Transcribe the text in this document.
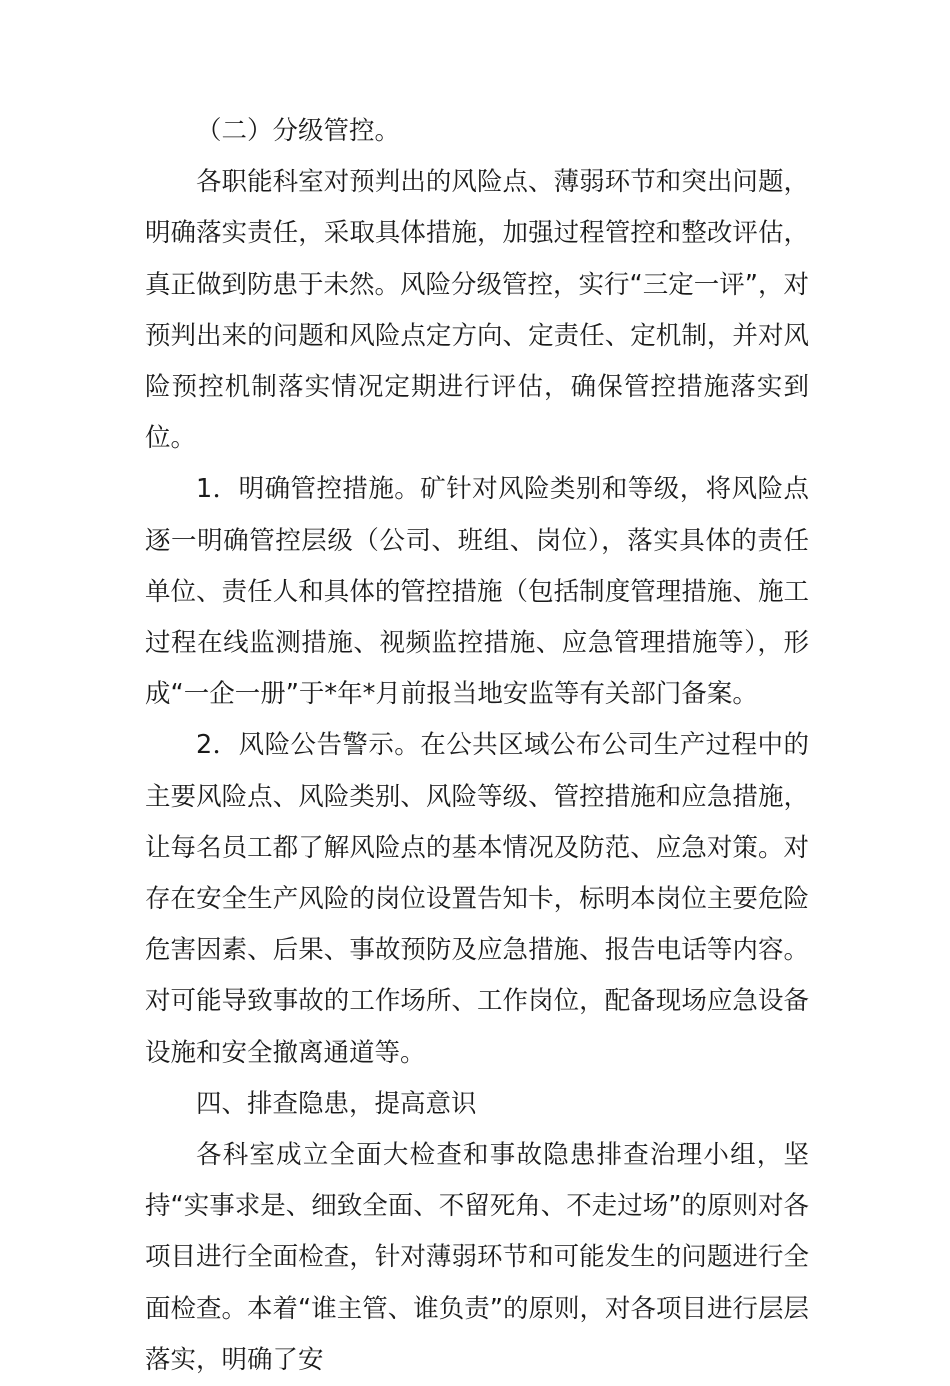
（二）分级管控。

各职能科室对预判出的风险点、薄弱环节和突出问题，明确落实责任，采取具体措施，加强过程管控和整改评估，真正做到防患于未然。风险分级管控，实行“三定一评”，对预判出来的问题和风险点定方向、定责任、定机制，并对风险预控机制落实情况定期进行评估，确保管控措施落实到位。

1．明确管控措施。矿针对风险类别和等级，将风险点逐一明确管控层级（公司、班组、岗位），落实具体的责任单位、责任人和具体的管控措施（包括制度管理措施、施工过程在线监测措施、视频监控措施、应急管理措施等），形成“一企一册”于*年*月前报当地安监等有关部门备案。

2．风险公告警示。在公共区域公布公司生产过程中的主要风险点、风险类别、风险等级、管控措施和应急措施，让每名员工都了解风险点的基本情况及防范、应急对策。对存在安全生产风险的岗位设置告知卡，标明本岗位主要危险危害因素、后果、事故预防及应急措施、报告电话等内容。对可能导致事故的工作场所、工作岗位，配备现场应急设备设施和安全撤离通道等。

四、排查隐患，提高意识

各科室成立全面大检查和事故隐患排查治理小组，坚持“实事求是、细致全面、不留死角、不走过场”的原则对各项目进行全面检查，针对薄弱环节和可能发生的问题进行全面检查。本着“谁主管、谁负责”的原则，对各项目进行层层落实，明确了安
